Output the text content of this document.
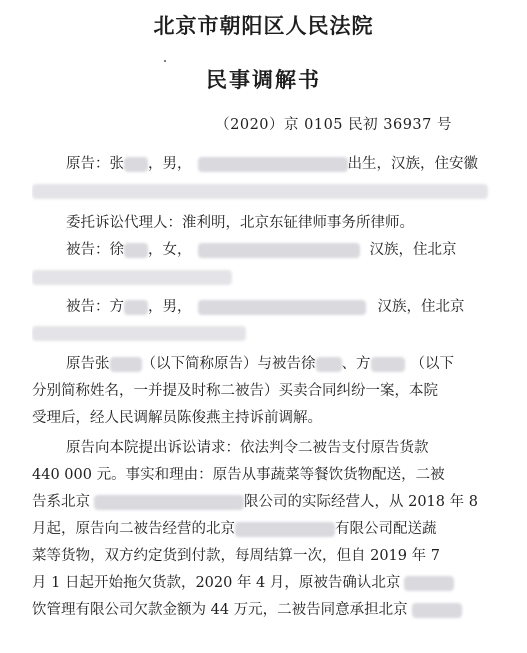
北京市朝阳区人民法院
民事调解书
（2020）京 0105 民初 36937 号
原告：张 ，男，	出生，汉族，住安徽
委托诉讼代理人：淮利明，北京东钲律师事务所律师。
被告：徐 ，女，	汉族，住北京
被告：方 ，男，	汉族，住北京
原告张 （以下简称原告）与被告徐 、方	（以下
分别简称姓名，一并提及时称二被告）买卖合同纠纷一案，本院
受理后，经人民调解员陈俊燕主持诉前调解。
原告向本院提出诉讼请求：依法判令二被告支付原告货款
440 000 元。事实和理由：原告从事蔬菜等餐饮货物配送，二被
告系北京	限公司的实际经营人，从 2018 年 8
月起，原告向二被告经营的北京	有限公司配送蔬
菜等货物，双方约定货到付款，每周结算一次，但自 2019 年 7
月 1 日起开始拖欠货款，2020 年 4 月，原被告确认北京
饮管理有限公司欠款金额为 44 万元，二被告同意承担北京
